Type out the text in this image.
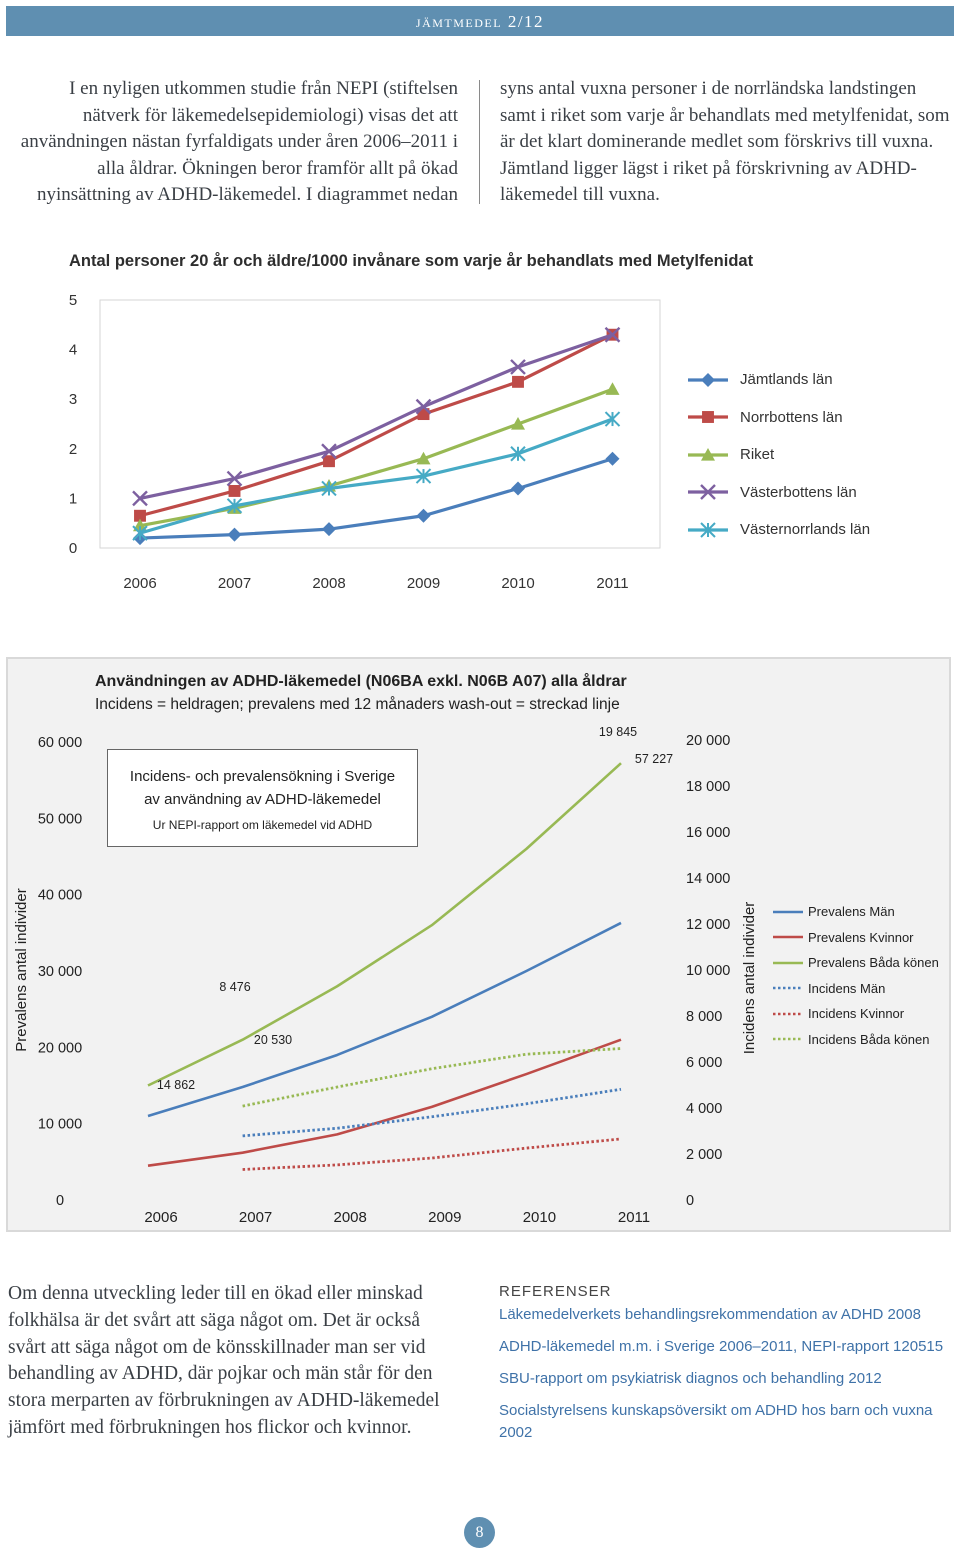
jämtmedel 2/12

I en nyligen utkommen studie från NEPI (stiftelsen nätverk för läkemedelsepidemiologi) visas det att användningen nästan fyrfaldigats under åren 2006–2011 i alla åldrar. Ökningen beror framför allt på ökad nyinsättning av ADHD-läkemedel. I diagrammet nedan

syns antal vuxna personer i de norrländska landstingen samt i riket som varje år behandlats med metylfenidat, som är det klart dominerande medlet som förskrivs till vuxna. Jämtland ligger lägst i riket på förskrivning av ADHD-läkemedel till vuxna.

Antal personer 20 år och äldre/1000 invånare som varje år behandlats med Metylfenidat
0
1
2
3
4
5
2006	2007	2008	2009	2010	2011
Jämtlands län
Norrbottens län
Riket
Västerbottens län
Västernorrlands län
Användningen av ADHD-läkemedel (N06BA exkl. N06B A07) alla åldrar
Incidens = heldragen; prevalens med 12 månaders wash-out = streckad linje
0
10 000
20 000
30 000
40 000
50 000
60 000
0
2 000
4 000
6 000
8 000
10 000
12 000
14 000
16 000
18 000
20 000
2006	2007	2008	2009	2010	2011
Prevalens antal individer	Incidens antal individer
19 845
57 227
8 476
20 530
14 862
Incidens- och prevalensökning i Sverige
av användning av ADHD-läkemedel
Ur NEPI-rapport om läkemedel vid ADHD
Prevalens Män
Prevalens Kvinnor
Prevalens Båda könen
Incidens Män
Incidens Kvinnor
Incidens Båda könen

Om denna utveckling leder till en ökad eller minskad folkhälsa är det svårt att säga något om. Det är också svårt att säga något om de könsskillnader man ser vid behandling av ADHD, där pojkar och män står för den stora merparten av förbrukningen av ADHD-läkemedel jämfört med förbrukningen hos flickor och kvinnor.

REFERENSER
Läkemedelverkets behandlingsrekommendation av ADHD 2008
ADHD-läkemedel m.m. i Sverige 2006–2011, NEPI-rapport 120515
SBU-rapport om psykiatrisk diagnos och behandling 2012
Socialstyrelsens kunskapsöversikt om ADHD hos barn och vuxna 2002
8
